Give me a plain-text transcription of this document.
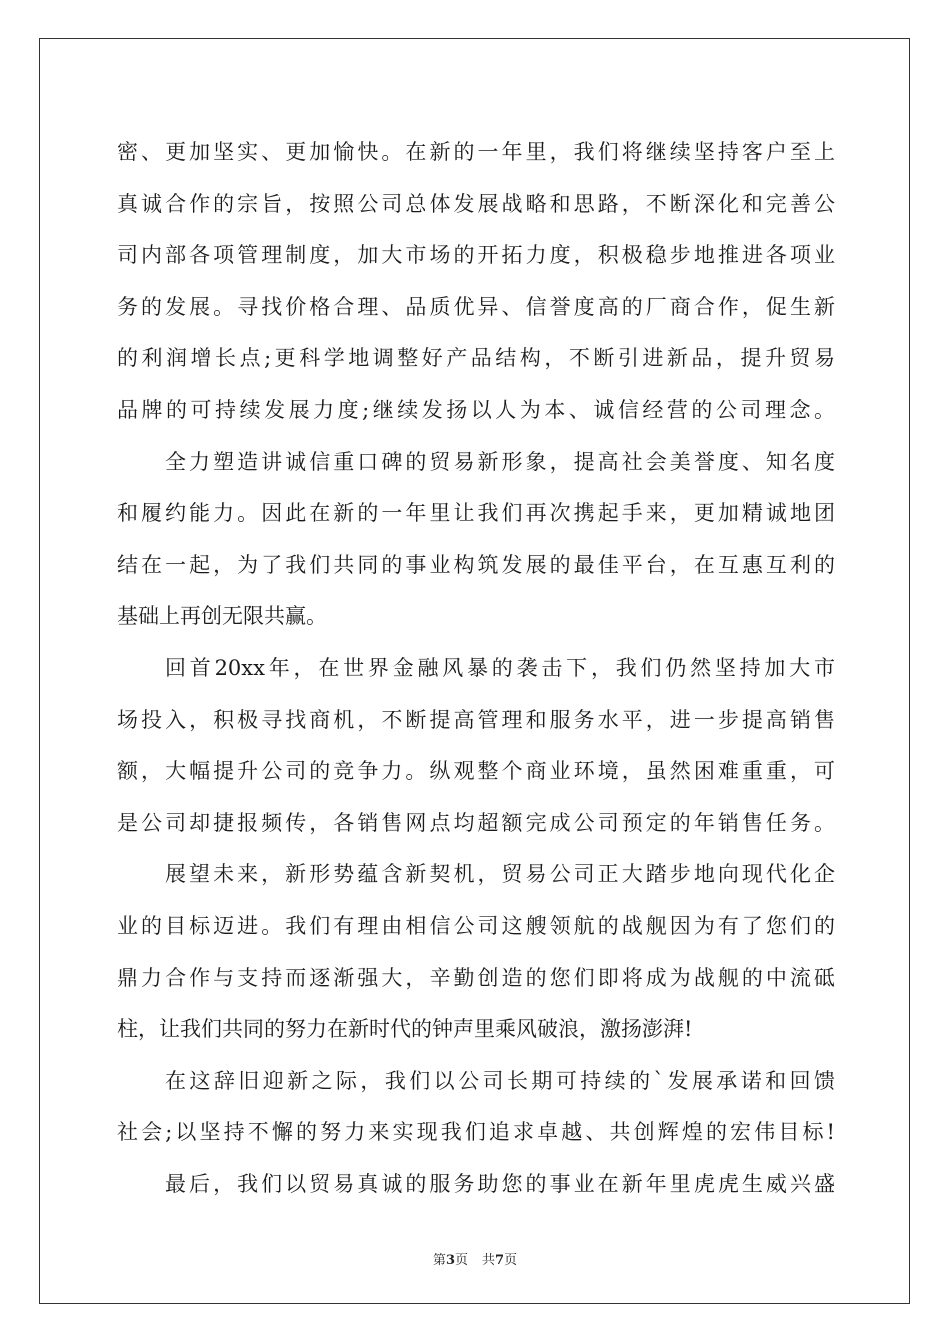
密、更加坚实、更加愉快。在新的一年里，我们将继续坚持客户至上
真诚合作的宗旨，按照公司总体发展战略和思路，不断深化和完善公
司内部各项管理制度，加大市场的开拓力度，积极稳步地推进各项业
务的发展。寻找价格合理、品质优异、信誉度高的厂商合作，促生新
的利润增长点;更科学地调整好产品结构，不断引进新品，提升贸易
品牌的可持续发展力度;继续发扬以人为本、诚信经营的公司理念。
全力塑造讲诚信重口碑的贸易新形象，提高社会美誉度、知名度
和履约能力。因此在新的一年里让我们再次携起手来，更加精诚地团
结在一起，为了我们共同的事业构筑发展的最佳平台，在互惠互利的
基础上再创无限共赢。
回首20xx年，在世界金融风暴的袭击下，我们仍然坚持加大市
场投入，积极寻找商机，不断提高管理和服务水平，进一步提高销售
额，大幅提升公司的竞争力。纵观整个商业环境，虽然困难重重，可
是公司却捷报频传，各销售网点均超额完成公司预定的年销售任务。
展望未来，新形势蕴含新契机，贸易公司正大踏步地向现代化企
业的目标迈进。我们有理由相信公司这艘领航的战舰因为有了您们的
鼎力合作与支持而逐渐强大，辛勤创造的您们即将成为战舰的中流砥
柱，让我们共同的努力在新时代的钟声里乘风破浪，激扬澎湃!
在这辞旧迎新之际，我们以公司长期可持续的`发展承诺和回馈
社会;以坚持不懈的努力来实现我们追求卓越、共创辉煌的宏伟目标!
最后，我们以贸易真诚的服务助您的事业在新年里虎虎生威兴盛
第3页 共7页
